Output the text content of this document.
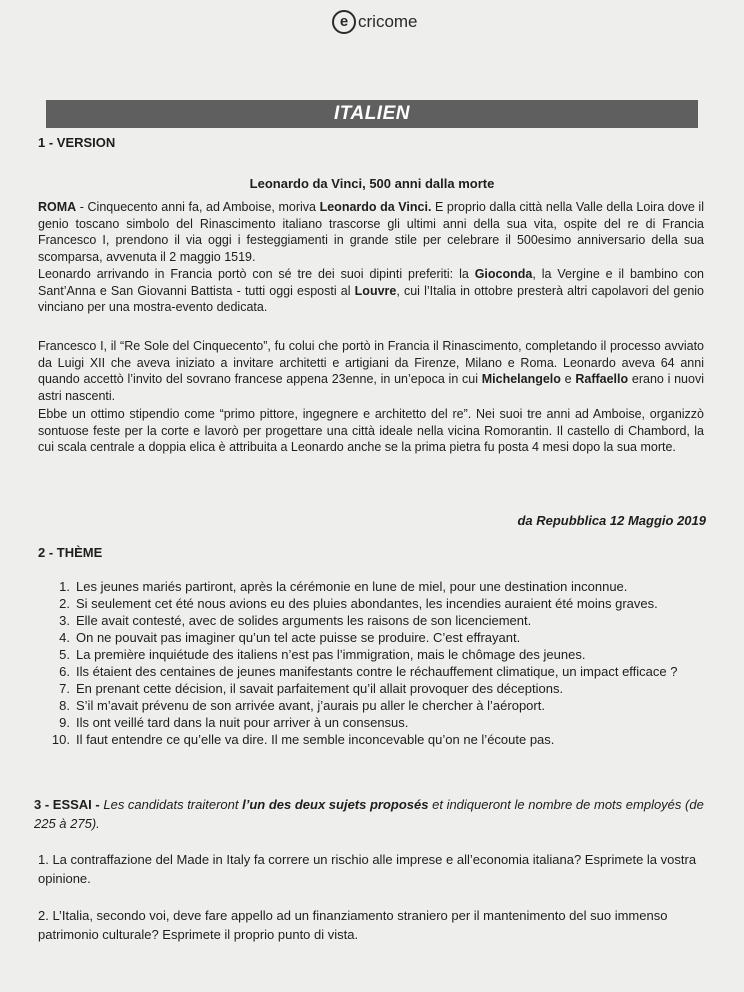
e cricome
ITALIEN
1 - VERSION
Leonardo da Vinci, 500 anni dalla morte

ROMA - Cinquecento anni fa, ad Amboise, moriva Leonardo da Vinci. E proprio dalla città nella Valle della Loira dove il genio toscano simbolo del Rinascimento italiano trascorse gli ultimi anni della sua vita, ospite del re di Francia Francesco I, prendono il via oggi i festeggiamenti in grande stile per celebrare il 500esimo anniversario della sua scomparsa, avvenuta il 2 maggio 1519.

Leonardo arrivando in Francia portò con sé tre dei suoi dipinti preferiti: la Gioconda, la Vergine e il bambino con Sant’Anna e San Giovanni Battista - tutti oggi esposti al Louvre, cui l’Italia in ottobre presterà altri capolavori del genio vinciano per una mostra-evento dedicata.

Francesco I, il “Re Sole del Cinquecento”, fu colui che portò in Francia il Rinascimento, completando il processo avviato da Luigi XII che aveva iniziato a invitare architetti e artigiani da Firenze, Milano e Roma. Leonardo aveva 64 anni quando accettò l’invito del sovrano francese appena 23enne, in un’epoca in cui Michelangelo e Raffaello erano i nuovi astri nascenti.

Ebbe un ottimo stipendio come “primo pittore, ingegnere e architetto del re”. Nei suoi tre anni ad Amboise, organizzò sontuose feste per la corte e lavorò per progettare una città ideale nella vicina Romorantin. Il castello di Chambord, la cui scala centrale a doppia elica è attribuita a Leonardo anche se la prima pietra fu posta 4 mesi dopo la sua morte.

da Repubblica 12 Maggio 2019
2 - THÈME
1. Les jeunes mariés partiront, après la cérémonie en lune de miel, pour une destination inconnue.
2. Si seulement cet été nous avions eu des pluies abondantes, les incendies auraient été moins graves.
3. Elle avait contesté, avec de solides arguments les raisons de son licenciement.
4. On ne pouvait pas imaginer qu’un tel acte puisse se produire. C’est effrayant.
5. La première inquiétude des italiens n’est pas l’immigration, mais le chômage des jeunes.
6. Ils étaient des centaines de jeunes manifestants contre le réchauffement climatique, un impact efficace ?
7. En prenant cette décision, il savait parfaitement qu’il allait provoquer des déceptions.
8. S’il m’avait prévenu de son arrivée avant, j’aurais pu aller le chercher à l’aéroport.
9. Ils ont veillé tard dans la nuit pour arriver à un consensus.
10. Il faut entendre ce qu’elle va dire. Il me semble inconcevable qu’on ne l’écoute pas.
3 - ESSAI - Les candidats traiteront l’un des deux sujets proposés et indiqueront le nombre de mots employés (de 225 à 275).
1. La contraffazione del Made in Italy fa correre un rischio alle imprese e all’economia italiana? Esprimete la vostra opinione.
2. L’Italia, secondo voi, deve fare appello ad un finanziamento straniero per il mantenimento del suo immenso patrimonio culturale? Esprimete il proprio punto di vista.
